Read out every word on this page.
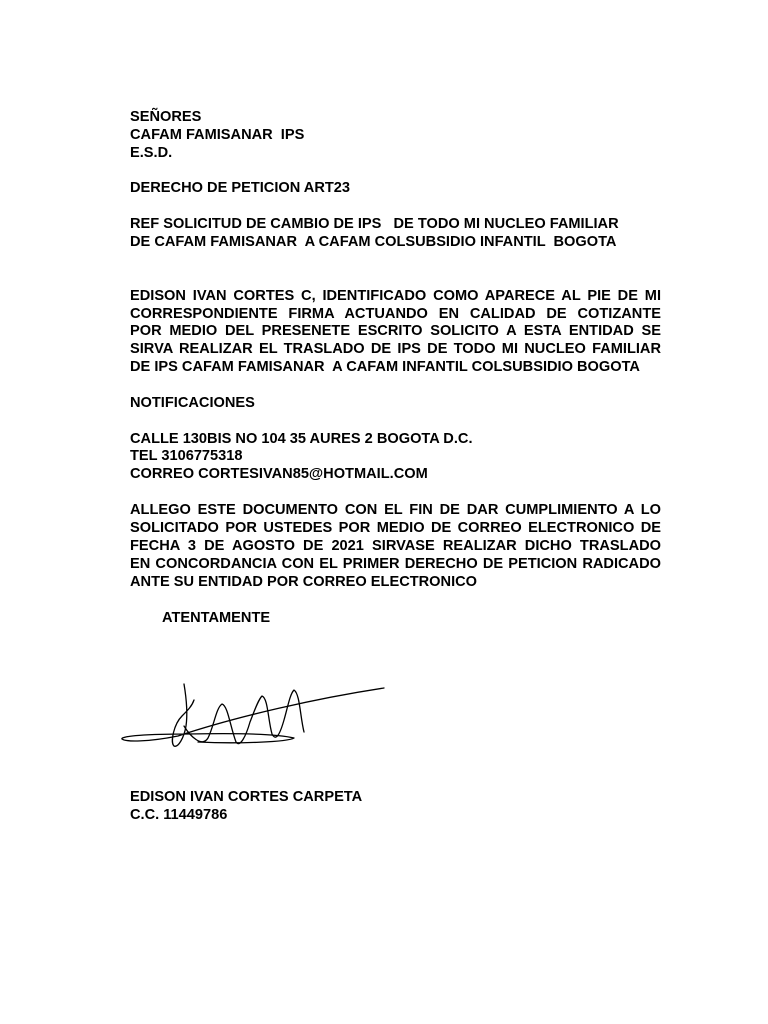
SEÑORES
CAFAM FAMISANAR  IPS
E.S.D.
DERECHO DE PETICION ART23
REF SOLICITUD DE CAMBIO DE IPS   DE TODO MI NUCLEO FAMILIAR
DE CAFAM FAMISANAR  A CAFAM COLSUBSIDIO INFANTIL  BOGOTA
EDISON IVAN CORTES C, IDENTIFICADO COMO APARECE AL PIE DE MI
CORRESPONDIENTE FIRMA ACTUANDO EN CALIDAD DE COTIZANTE
POR MEDIO DEL PRESENETE ESCRITO SOLICITO A ESTA ENTIDAD SE
SIRVA REALIZAR EL TRASLADO DE IPS DE TODO MI NUCLEO FAMILIAR
DE IPS CAFAM FAMISANAR  A CAFAM INFANTIL COLSUBSIDIO BOGOTA
NOTIFICACIONES
CALLE 130BIS NO 104 35 AURES 2 BOGOTA D.C.
TEL 3106775318
CORREO CORTESIVAN85@HOTMAIL.COM
ALLEGO ESTE DOCUMENTO CON EL FIN DE DAR CUMPLIMIENTO A LO
SOLICITADO POR USTEDES POR MEDIO DE CORREO ELECTRONICO DE
FECHA 3 DE AGOSTO DE 2021 SIRVASE REALIZAR DICHO TRASLADO
EN CONCORDANCIA CON EL PRIMER DERECHO DE PETICION RADICADO
ANTE SU ENTIDAD POR CORREO ELECTRONICO
ATENTAMENTE
EDISON IVAN CORTES CARPETA
C.C. 11449786
